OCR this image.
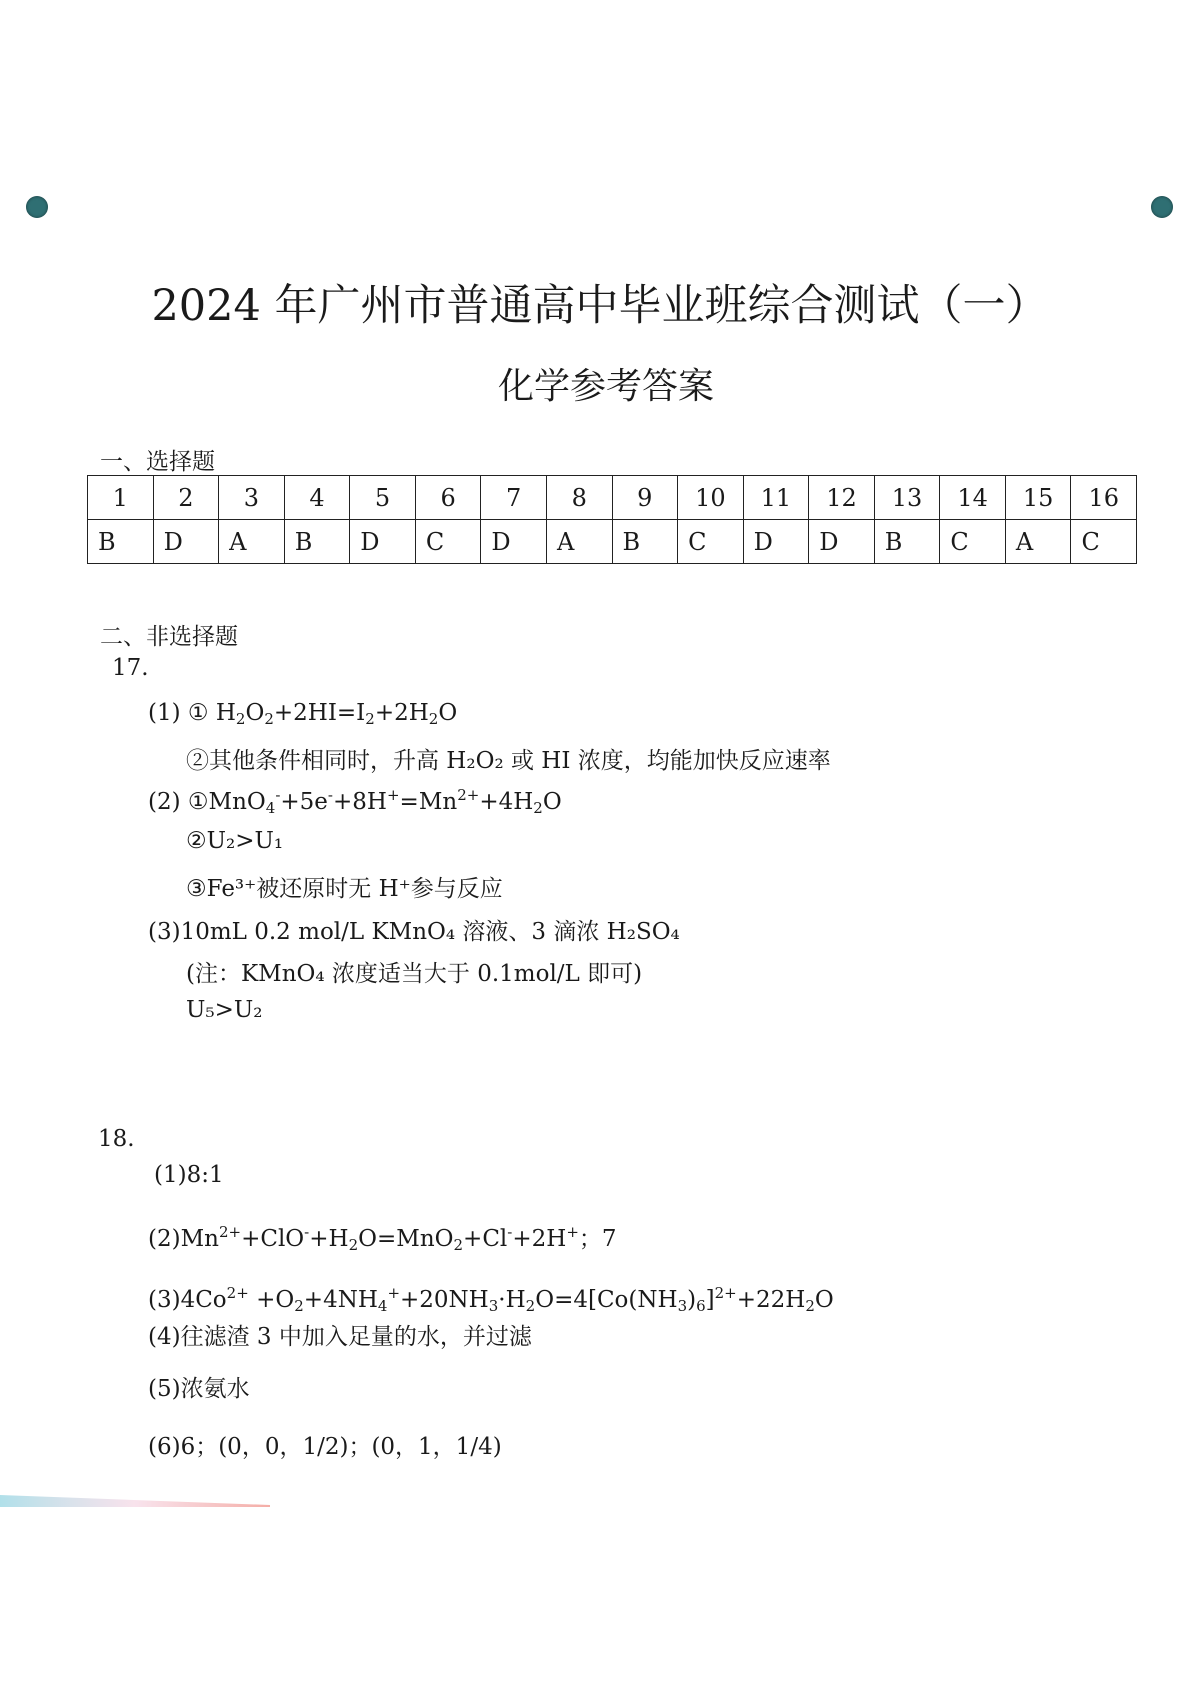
2024 年广州市普通高中毕业班综合测试（一）
化学参考答案
一、选择题
1	2	3	4	5	6	7	8	9	10	11	12	13	14	15	16
B	D	A	B	D	C	D	A	B	C	D	D	B	C	A	C
二、非选择题
17.
(1) ① $H_2O_2+2HI=I_2+2H_2O$
②其他条件相同时，升高 H₂O₂ 或 HI 浓度，均能加快反应速率
(2) $①MnO_4^-+5e^-+8H^+=Mn^{2+}+4H_2O$
②U₂>U₁
③Fe³⁺被还原时无 H⁺参与反应
(3)10mL 0.2 mol/L KMnO₄ 溶液、3 滴浓 H₂SO₄
(注：KMnO₄ 浓度适当大于 0.1mol/L 即可)
U₅>U₂
18.
(1)8:1
$(2)Mn^{2+}+ClO^-+H_2O=MnO_2+Cl^-+2H^+$；7
$(3)4Co^{2+} +O_2+4NH_4^++20NH_3\cdot H_2O=4[Co(NH_3)_6]^{2+}+22H_2O$
(4)往滤渣 3 中加入足量的水，并过滤
(5)浓氨水
(6)6；(0，0，1/2)；(0，1，1/4)
